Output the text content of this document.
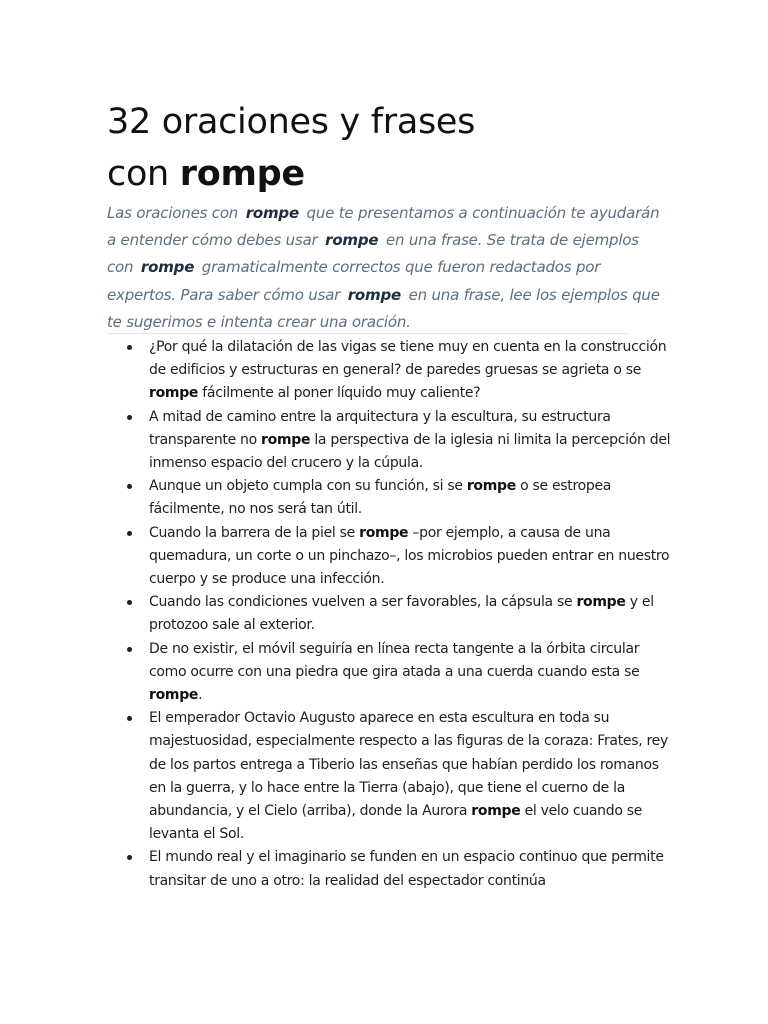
32 oraciones y frases
con rompe

Las oraciones con rompe que te presentamos a continuación te ayudarán a entender cómo debes usar rompe en una frase. Se trata de ejemplos con rompe gramaticalmente correctos que fueron redactados por expertos. Para saber cómo usar rompe en una frase, lee los ejemplos que te sugerimos e intenta crear una oración.

¿Por qué la dilatación de las vigas se tiene muy en cuenta en la construcción de edificios y estructuras en general? de paredes gruesas se agrieta o se rompe fácilmente al poner líquido muy caliente?
A mitad de camino entre la arquitectura y la escultura, su estructura transparente no rompe la perspectiva de la iglesia ni limita la percepción del inmenso espacio del crucero y la cúpula.
Aunque un objeto cumpla con su función, si se rompe o se estropea fácilmente, no nos será tan útil.
Cuando la barrera de la piel se rompe –por ejemplo, a causa de una quemadura, un corte o un pinchazo–, los microbios pueden entrar en nuestro cuerpo y se produce una infección.
Cuando las condiciones vuelven a ser favorables, la cápsula se rompe y el protozoo sale al exterior.
De no existir, el móvil seguiría en línea recta tangente a la órbita circular como ocurre con una piedra que gira atada a una cuerda cuando esta se rompe.
El emperador Octavio Augusto aparece en esta escultura en toda su majestuosidad, especialmente respecto a las figuras de la coraza: Frates, rey de los partos entrega a Tiberio las enseñas que habían perdido los romanos en la guerra, y lo hace entre la Tierra (abajo), que tiene el cuerno de la abundancia, y el Cielo (arriba), donde la Aurora rompe el velo cuando se levanta el Sol.
El mundo real y el imaginario se funden en un espacio continuo que permite transitar de uno a otro: la realidad del espectador continúa
